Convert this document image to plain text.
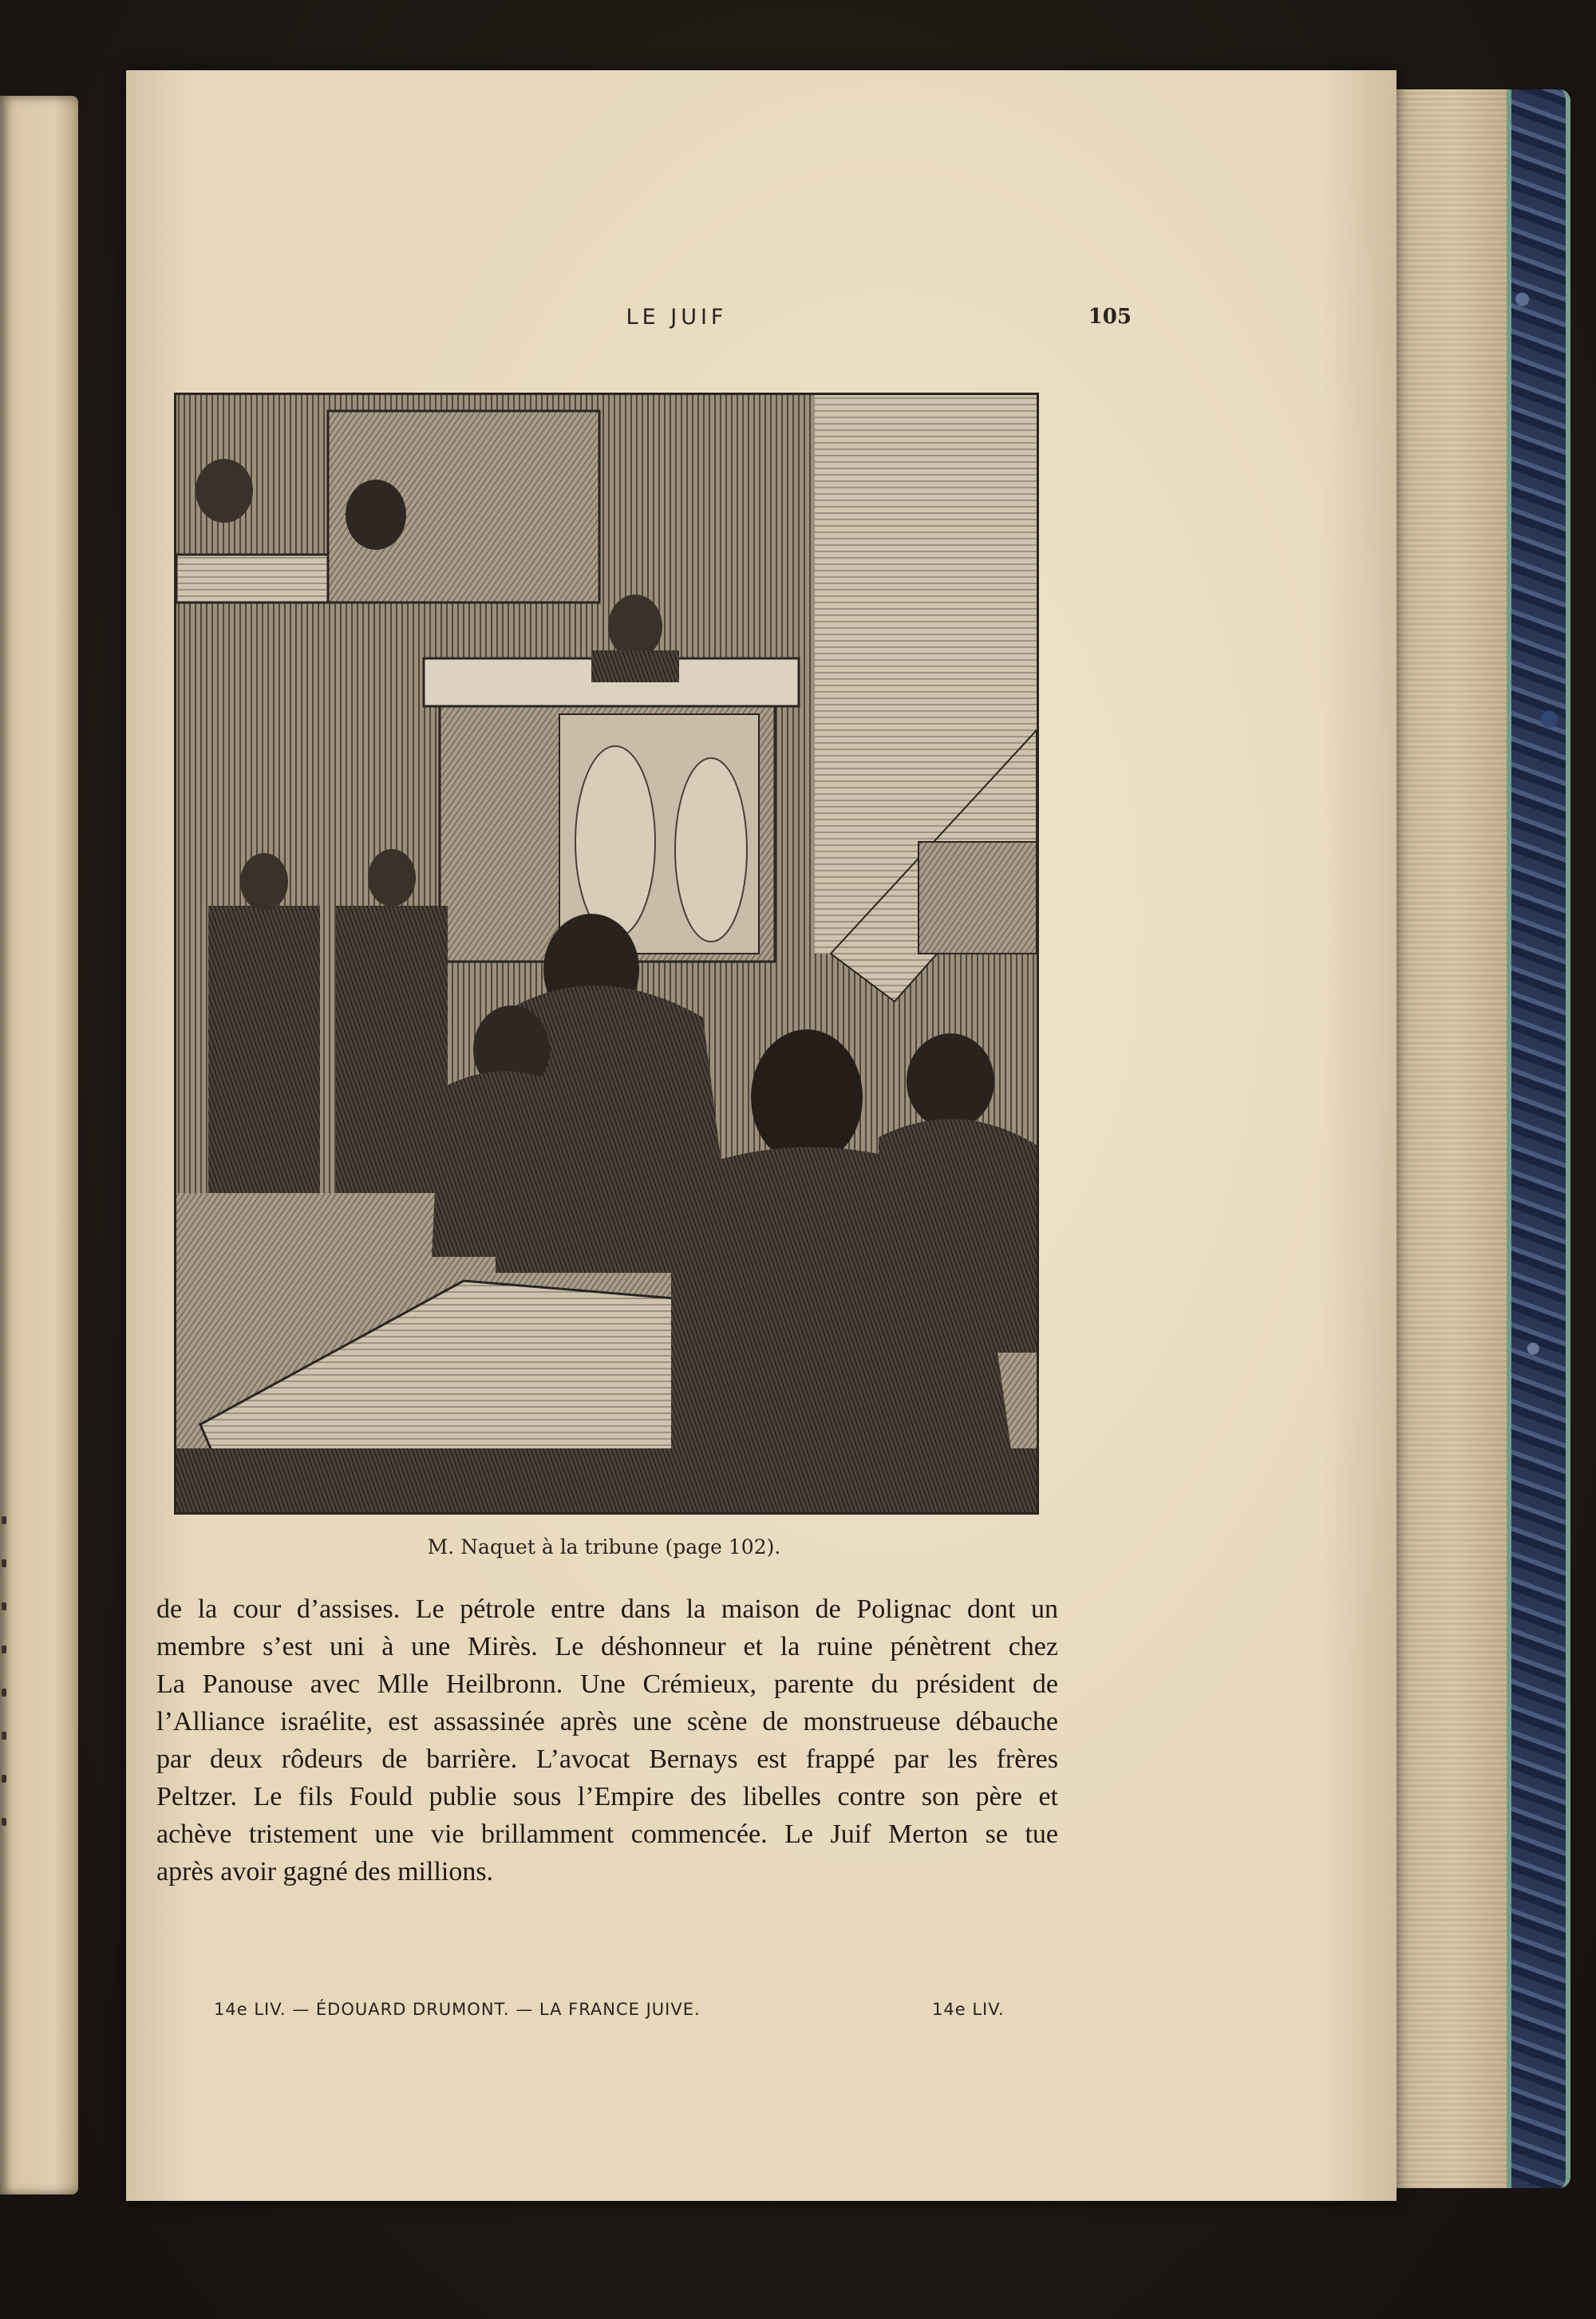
LE JUIF	105
M. Naquet à la tribune (page 102).
de la cour d’assises. Le pétrole entre dans la maison de Polignac dont un
membre s’est uni à une Mirès. Le déshonneur et la ruine pénètrent chez
La Panouse avec Mlle Heilbronn. Une Crémieux, parente du président de
l’Alliance israélite, est assassinée après une scène de monstrueuse débauche
par deux rôdeurs de barrière. L’avocat Bernays est frappé par les frères
Peltzer. Le fils Fould publie sous l’Empire des libelles contre son père et
achève tristement une vie brillamment commencée. Le Juif Merton se tue
après avoir gagné des millions.
14e LIV. — ÉDOUARD DRUMONT. — LA FRANCE JUIVE.	14e LIV.
